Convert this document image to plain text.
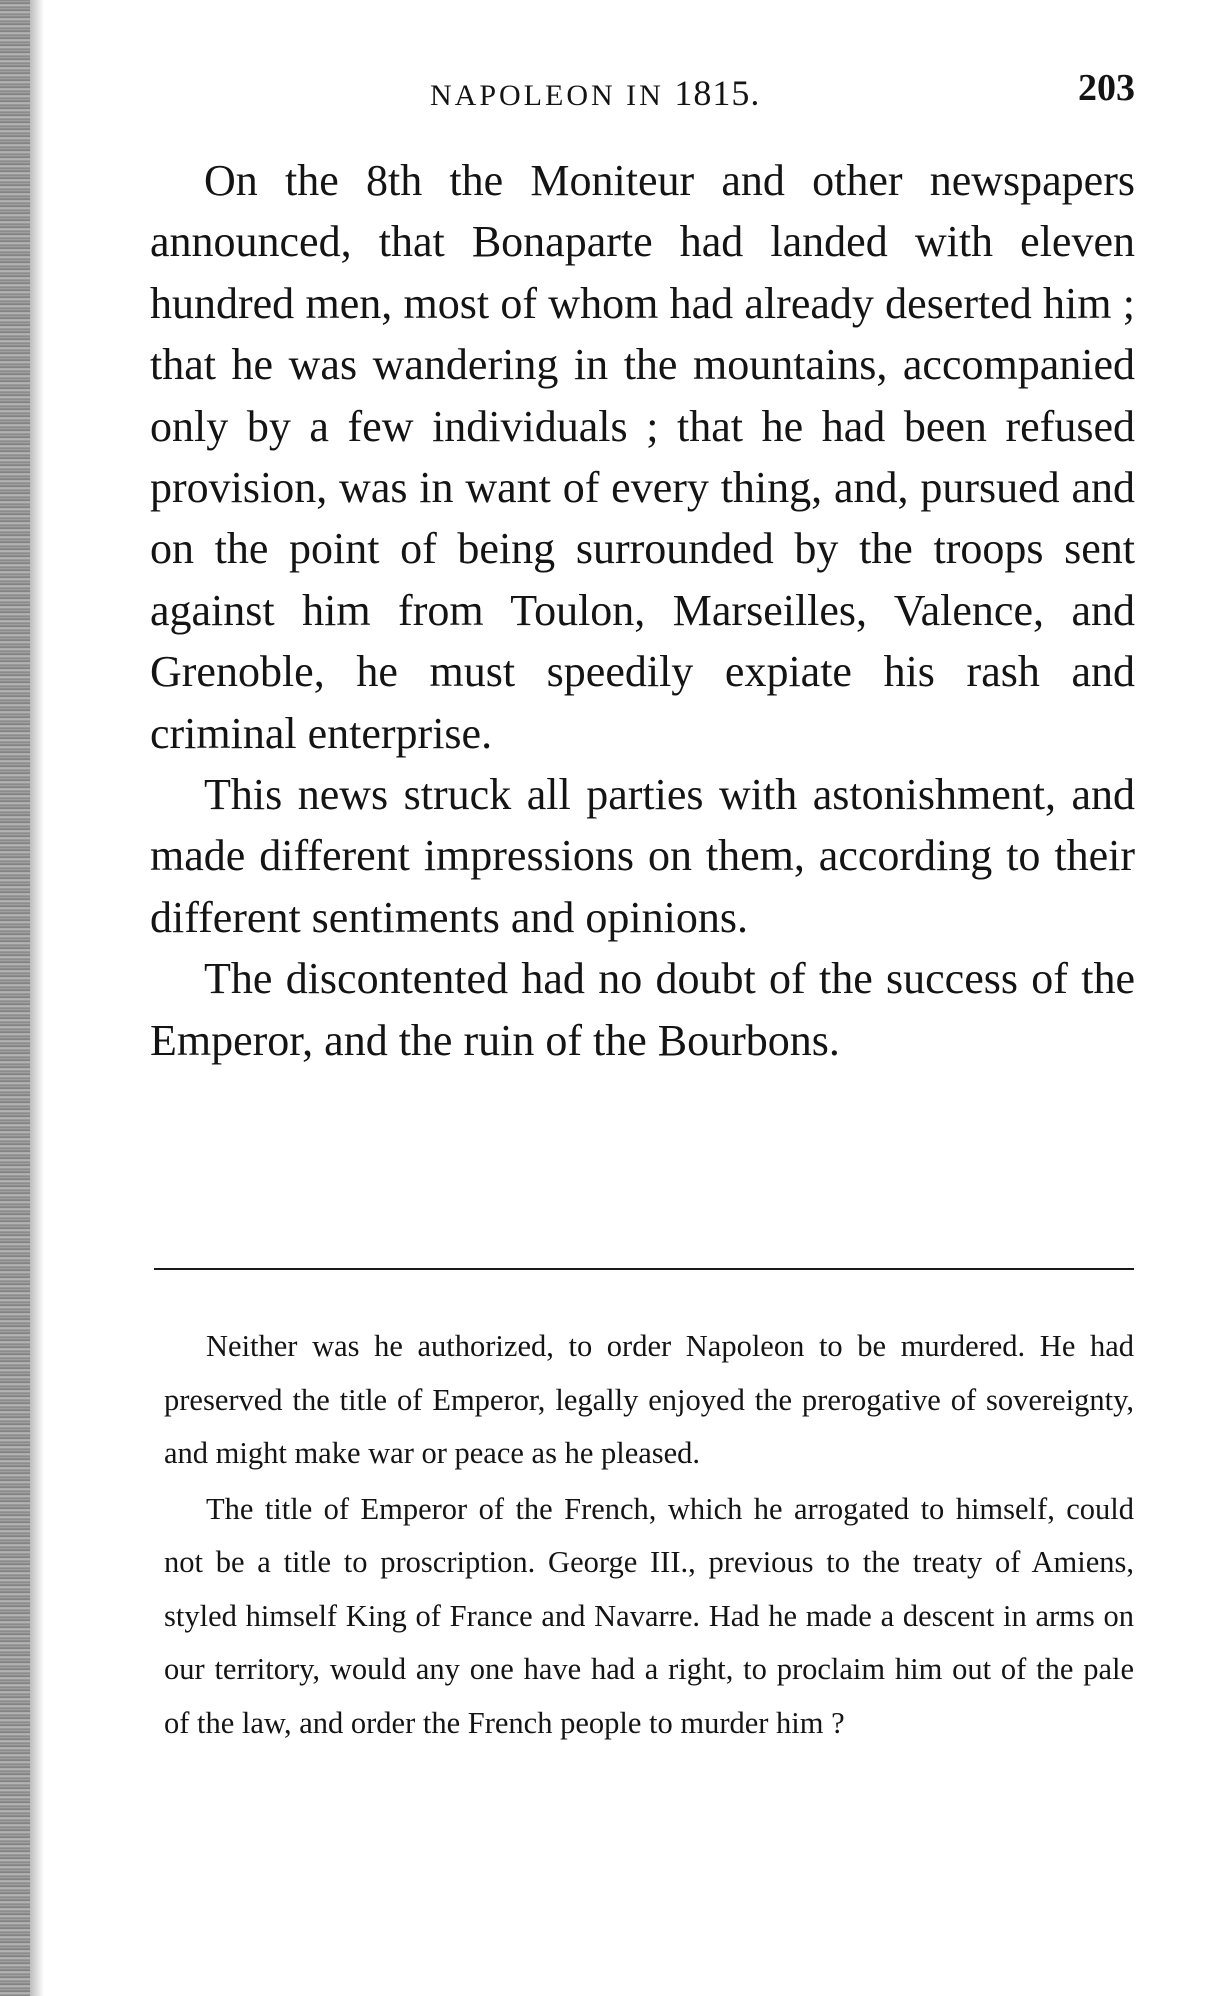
NAPOLEON IN 1815.	203

On the 8th the Moniteur and other newspapers announced, that Bonaparte had landed with eleven hundred men, most of whom had already deserted him ; that he was wandering in the mountains, accompanied only by a few individuals ; that he had been refused provision, was in want of every thing, and, pursued and on the point of being surrounded by the troops sent against him from Toulon, Marseilles, Valence, and Grenoble, he must speedily expiate his rash and criminal enterprise.

This news struck all parties with astonishment, and made different impressions on them, according to their different sentiments and opinions.

The discontented had no doubt of the success of the Emperor, and the ruin of the Bourbons.

Neither was he authorized, to order Napoleon to be murdered. He had preserved the title of Emperor, legally enjoyed the prerogative of sovereignty, and might make war or peace as he pleased.

The title of Emperor of the French, which he arrogated to himself, could not be a title to proscription. George III., previous to the treaty of Amiens, styled himself King of France and Navarre. Had he made a descent in arms on our territory, would any one have had a right, to proclaim him out of the pale of the law, and order the French people to murder him ?
